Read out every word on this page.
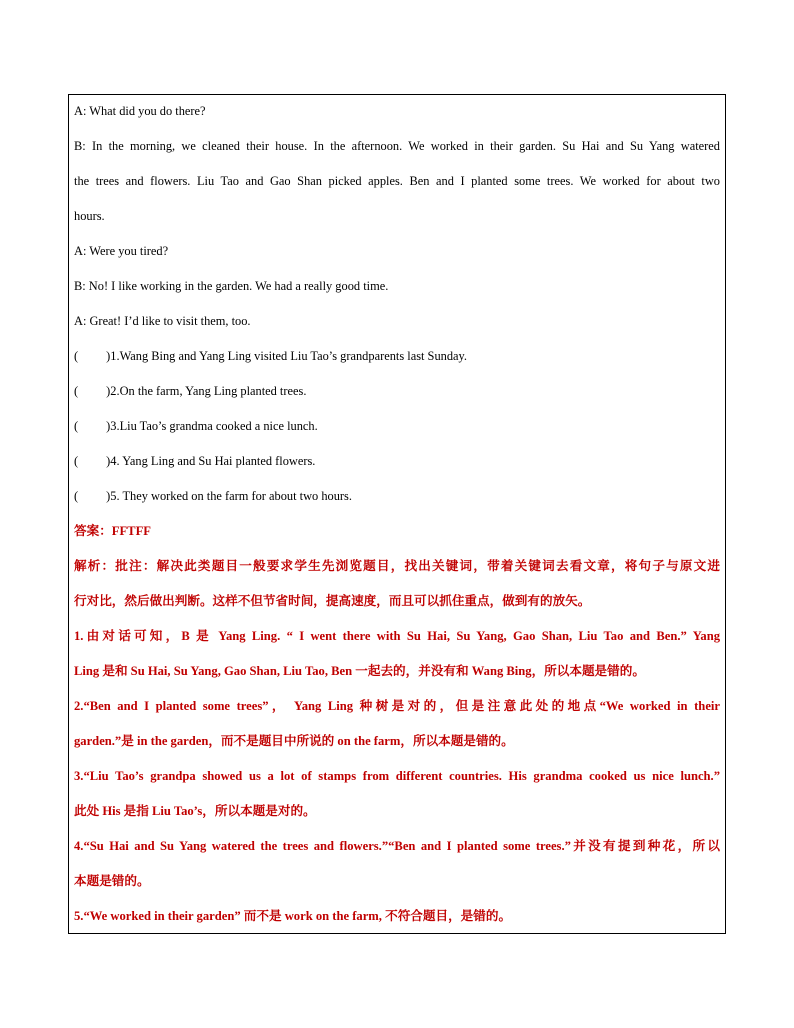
A: What did you do there?
B: In the morning, we cleaned their house. In the afternoon. We worked in their garden. Su Hai and Su Yang watered
the trees and flowers. Liu Tao and Gao Shan picked apples. Ben and I planted some trees. We worked for about two
hours.
A: Were you tired?
B: No! I like working in the garden. We had a really good time.
A: Great! I’d like to visit them, too.
( )1.Wang Bing and Yang Ling visited Liu Tao’s grandparents last Sunday.
( )2.On the farm, Yang Ling planted trees.
( )3.Liu Tao’s grandma cooked a nice lunch.
( )4. Yang Ling and Su Hai planted flowers.
( )5. They worked on the farm for about two hours.
答案：FFTFF
解析：批注：解决此类题目一般要求学生先浏览题目，找出关键词，带着关键词去看文章，将句子与原文进
行对比，然后做出判断。这样不但节省时间，提高速度，而且可以抓住重点，做到有的放矢。
1.由对话可知，B 是 Yang Ling. “ I went there with Su Hai, Su Yang, Gao Shan, Liu Tao and Ben.” Yang
Ling 是和 Su Hai, Su Yang, Gao Shan, Liu Tao, Ben 一起去的，并没有和 Wang Bing，所以本题是错的。
2.“Ben and I planted some trees”， Yang Ling 种树是对的，但是注意此处的地点“We worked in their
garden.”是 in the garden，而不是题目中所说的 on the farm，所以本题是错的。
3.“Liu Tao’s grandpa showed us a lot of stamps from different countries. His grandma cooked us nice lunch.”
此处 His 是指 Liu Tao’s，所以本题是对的。
4.“Su Hai and Su Yang watered the trees and flowers.”“Ben and I planted some trees.”并没有提到种花，所以
本题是错的。
5.“We worked in their garden” 而不是 work on the farm, 不符合题目，是错的。
